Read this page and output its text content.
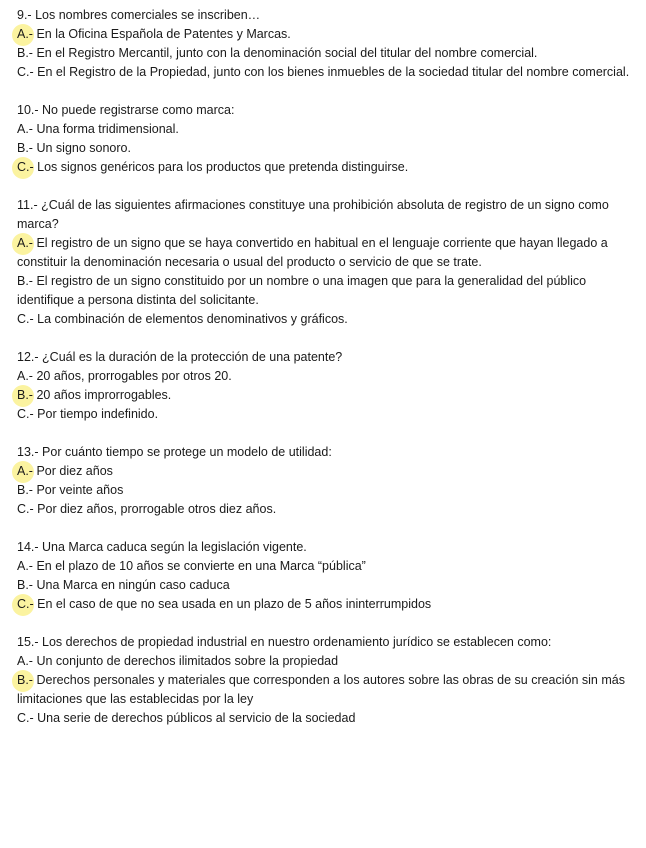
9.- Los nombres comerciales se inscriben…

A.- En la Oficina Española de Patentes y Marcas.

B.- En el Registro Mercantil, junto con la denominación social del titular del nombre comercial.

C.- En el Registro de la Propiedad, junto con los bienes inmuebles de la sociedad titular del nombre comercial.

10.- No puede registrarse como marca:

A.- Una forma tridimensional.

B.- Un signo sonoro.

C.- Los signos genéricos para los productos que pretenda distinguirse.

11.- ¿Cuál de las siguientes afirmaciones constituye una prohibición absoluta de registro de un signo como marca?

A.- El registro de un signo que se haya convertido en habitual en el lenguaje corriente que hayan llegado a constituir la denominación necesaria o usual del producto o servicio de que se trate.

B.- El registro de un signo constituido por un nombre o una imagen que para la generalidad del público identifique a persona distinta del solicitante.

C.- La combinación de elementos denominativos y gráficos.

12.- ¿Cuál es la duración de la protección de una patente?

A.- 20 años, prorrogables por otros 20.

B.- 20 años improrrogables.

C.- Por tiempo indefinido.

13.- Por cuánto tiempo se protege un modelo de utilidad:

A.- Por diez años

B.- Por veinte años

C.- Por diez años, prorrogable otros diez años.

14.- Una Marca caduca según la legislación vigente.

A.- En el plazo de 10 años se convierte en una Marca “pública”

B.- Una Marca en ningún caso caduca

C.- En el caso de que no sea usada en un plazo de 5 años ininterrumpidos

15.- Los derechos de propiedad industrial en nuestro ordenamiento jurídico se establecen como:

A.- Un conjunto de derechos ilimitados sobre la propiedad

B.- Derechos personales y materiales que corresponden a los autores sobre las obras de su creación sin más limitaciones que las establecidas por la ley

C.- Una serie de derechos públicos al servicio de la sociedad
